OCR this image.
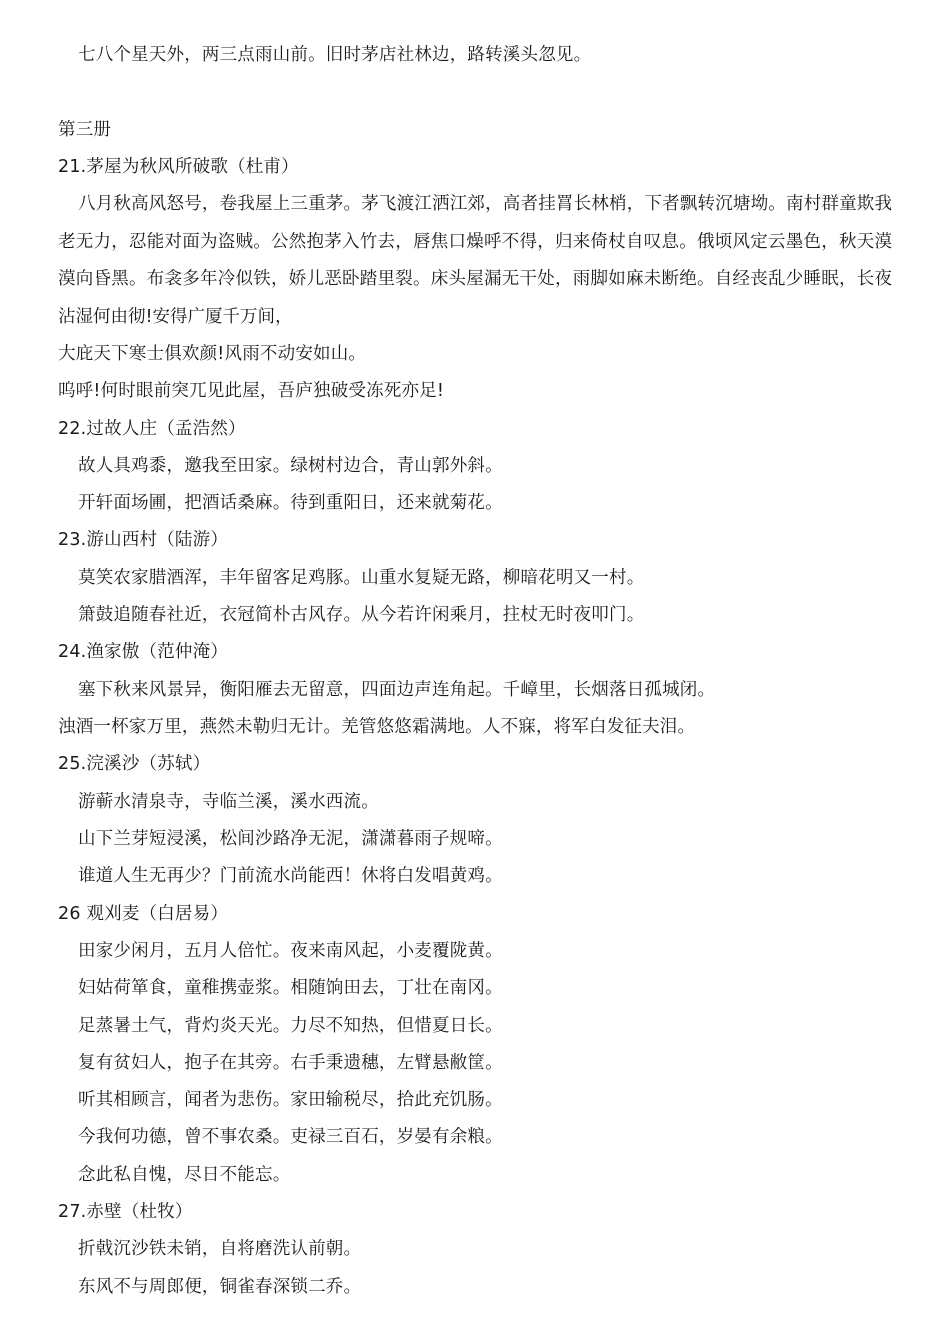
七八个星天外，两三点雨山前。旧时茅店社林边，路转溪头忽见。
第三册
21.茅屋为秋风所破歌（杜甫）
八月秋高风怒号，卷我屋上三重茅。茅飞渡江洒江郊，高者挂罥长林梢，下者飘转沉塘坳。南村群童欺我老无力，忍能对面为盗贼。公然抱茅入竹去，唇焦口燥呼不得，归来倚杖自叹息。俄顷风定云墨色，秋天漠漠向昏黑。布衾多年冷似铁，娇儿恶卧踏里裂。床头屋漏无干处，雨脚如麻未断绝。自经丧乱少睡眠，长夜沾湿何由彻!安得广厦千万间，
大庇天下寒士俱欢颜!风雨不动安如山。
呜呼!何时眼前突兀见此屋，吾庐独破受冻死亦足!
22.过故人庄（孟浩然）
故人具鸡黍，邀我至田家。绿树村边合，青山郭外斜。
开轩面场圃，把酒话桑麻。待到重阳日，还来就菊花。
23.游山西村（陆游）
莫笑农家腊酒浑，丰年留客足鸡豚。山重水复疑无路，柳暗花明又一村。
箫鼓追随春社近，衣冠简朴古风存。从今若许闲乘月，拄杖无时夜叩门。
24.渔家傲（范仲淹）
塞下秋来风景异，衡阳雁去无留意，四面边声连角起。千嶂里，长烟落日孤城闭。
浊酒一杯家万里，燕然未勒归无计。羌管悠悠霜满地。人不寐，将军白发征夫泪。
25.浣溪沙（苏轼）
游蕲水清泉寺，寺临兰溪，溪水西流。
山下兰芽短浸溪，松间沙路净无泥，潇潇暮雨子规啼。
谁道人生无再少？门前流水尚能西！休将白发唱黄鸡。
26 观刈麦（白居易）
田家少闲月，五月人倍忙。夜来南风起，小麦覆陇黄。
妇姑荷箪食，童稚携壶浆。相随饷田去，丁壮在南冈。
足蒸暑土气，背灼炎天光。力尽不知热，但惜夏日长。
复有贫妇人，抱子在其旁。右手秉遗穗，左臂悬敝筐。
听其相顾言，闻者为悲伤。家田输税尽，拾此充饥肠。
今我何功德，曾不事农桑。吏禄三百石，岁晏有余粮。
念此私自愧，尽日不能忘。
27.赤壁（杜牧）
折戟沉沙铁未销，自将磨洗认前朝。
东风不与周郎便，铜雀春深锁二乔。
